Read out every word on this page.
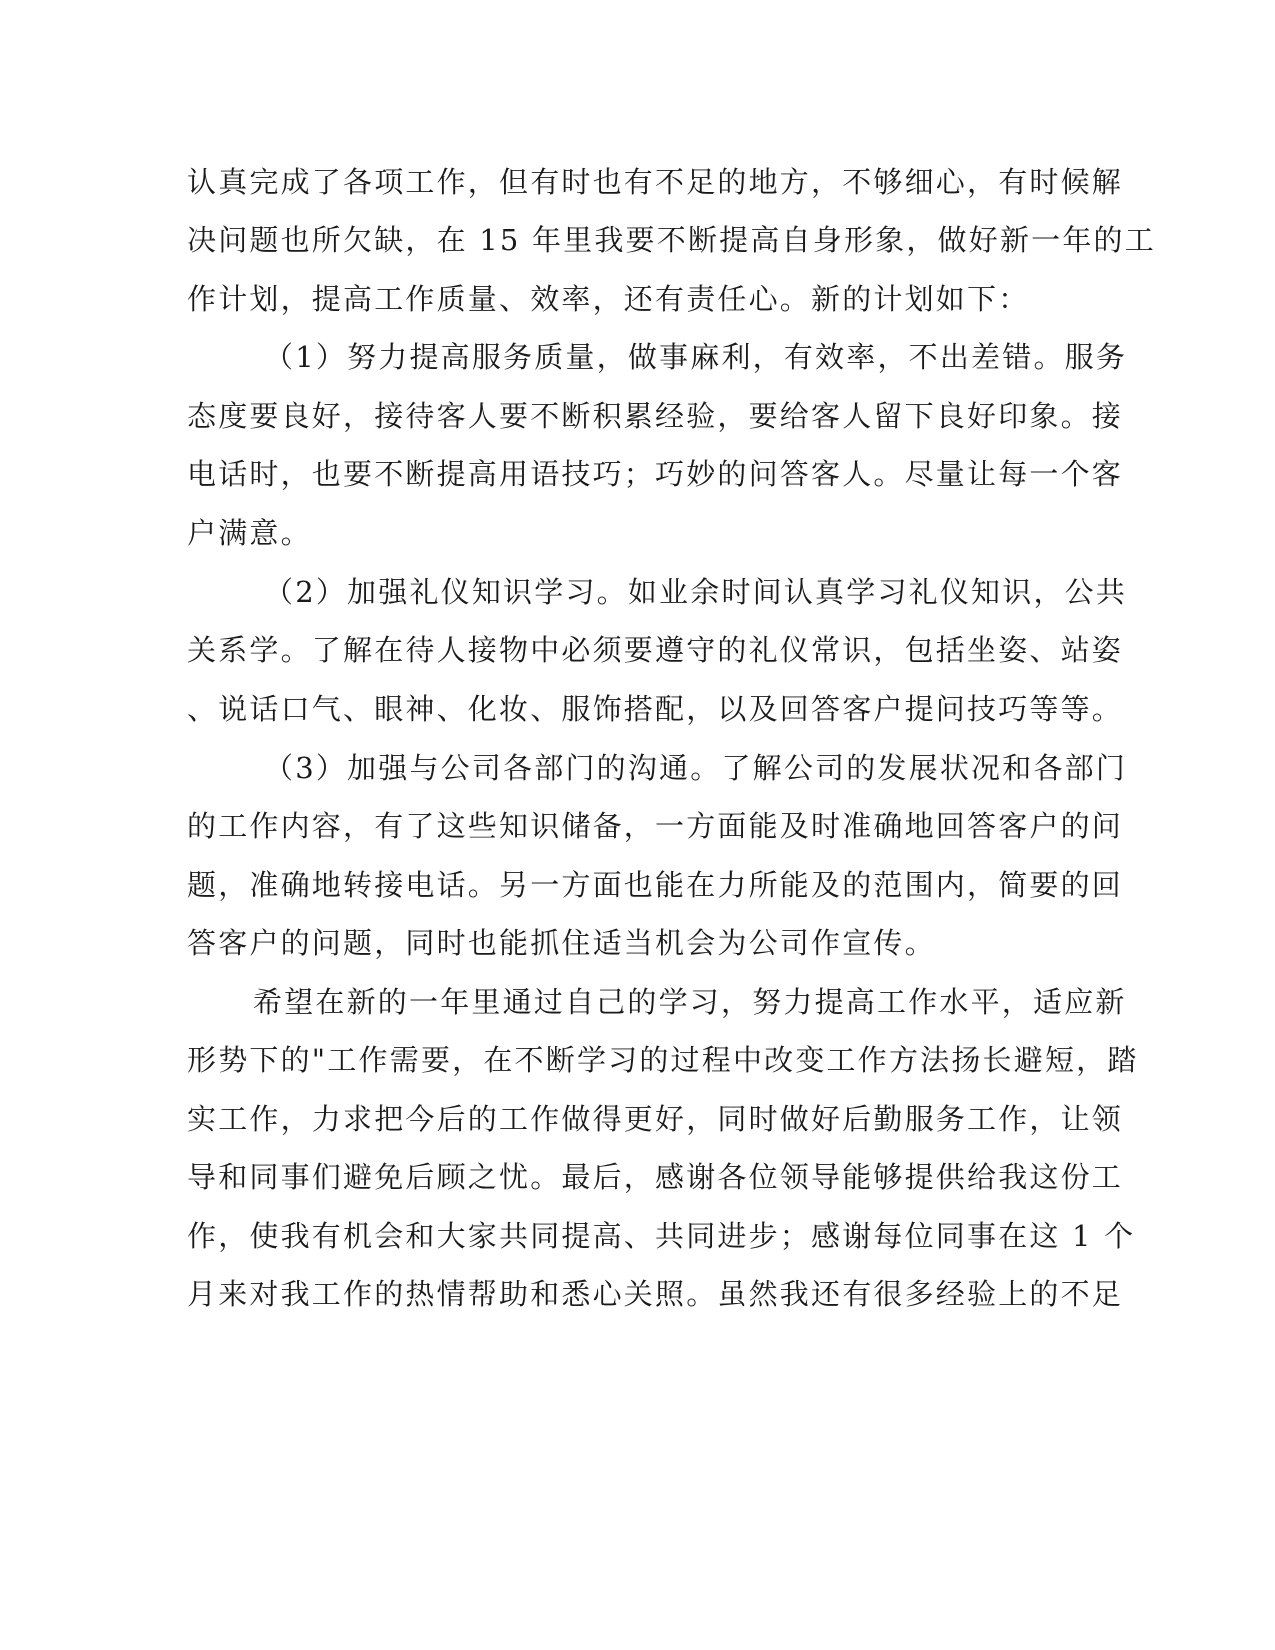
认真完成了各项工作，但有时也有不足的地方，不够细心，有时候解
决问题也所欠缺，在 15 年里我要不断提高自身形象，做好新一年的工
作计划，提高工作质量、效率，还有责任心。新的计划如下：
（1）努力提高服务质量，做事麻利，有效率，不出差错。服务
态度要良好，接待客人要不断积累经验，要给客人留下良好印象。接
电话时，也要不断提高用语技巧；巧妙的问答客人。尽量让每一个客
户满意。
（2）加强礼仪知识学习。如业余时间认真学习礼仪知识，公共
关系学。了解在待人接物中必须要遵守的礼仪常识，包括坐姿、站姿
、说话口气、眼神、化妆、服饰搭配，以及回答客户提问技巧等等。
（3）加强与公司各部门的沟通。了解公司的发展状况和各部门
的工作内容，有了这些知识储备，一方面能及时准确地回答客户的问
题，准确地转接电话。另一方面也能在力所能及的范围内，简要的回
答客户的问题，同时也能抓住适当机会为公司作宣传。
希望在新的一年里通过自己的学习，努力提高工作水平，适应新
形势下的"工作需要，在不断学习的过程中改变工作方法扬长避短，踏
实工作，力求把今后的工作做得更好，同时做好后勤服务工作，让领
导和同事们避免后顾之忧。最后，感谢各位领导能够提供给我这份工
作，使我有机会和大家共同提高、共同进步；感谢每位同事在这 1 个
月来对我工作的热情帮助和悉心关照。虽然我还有很多经验上的不足
